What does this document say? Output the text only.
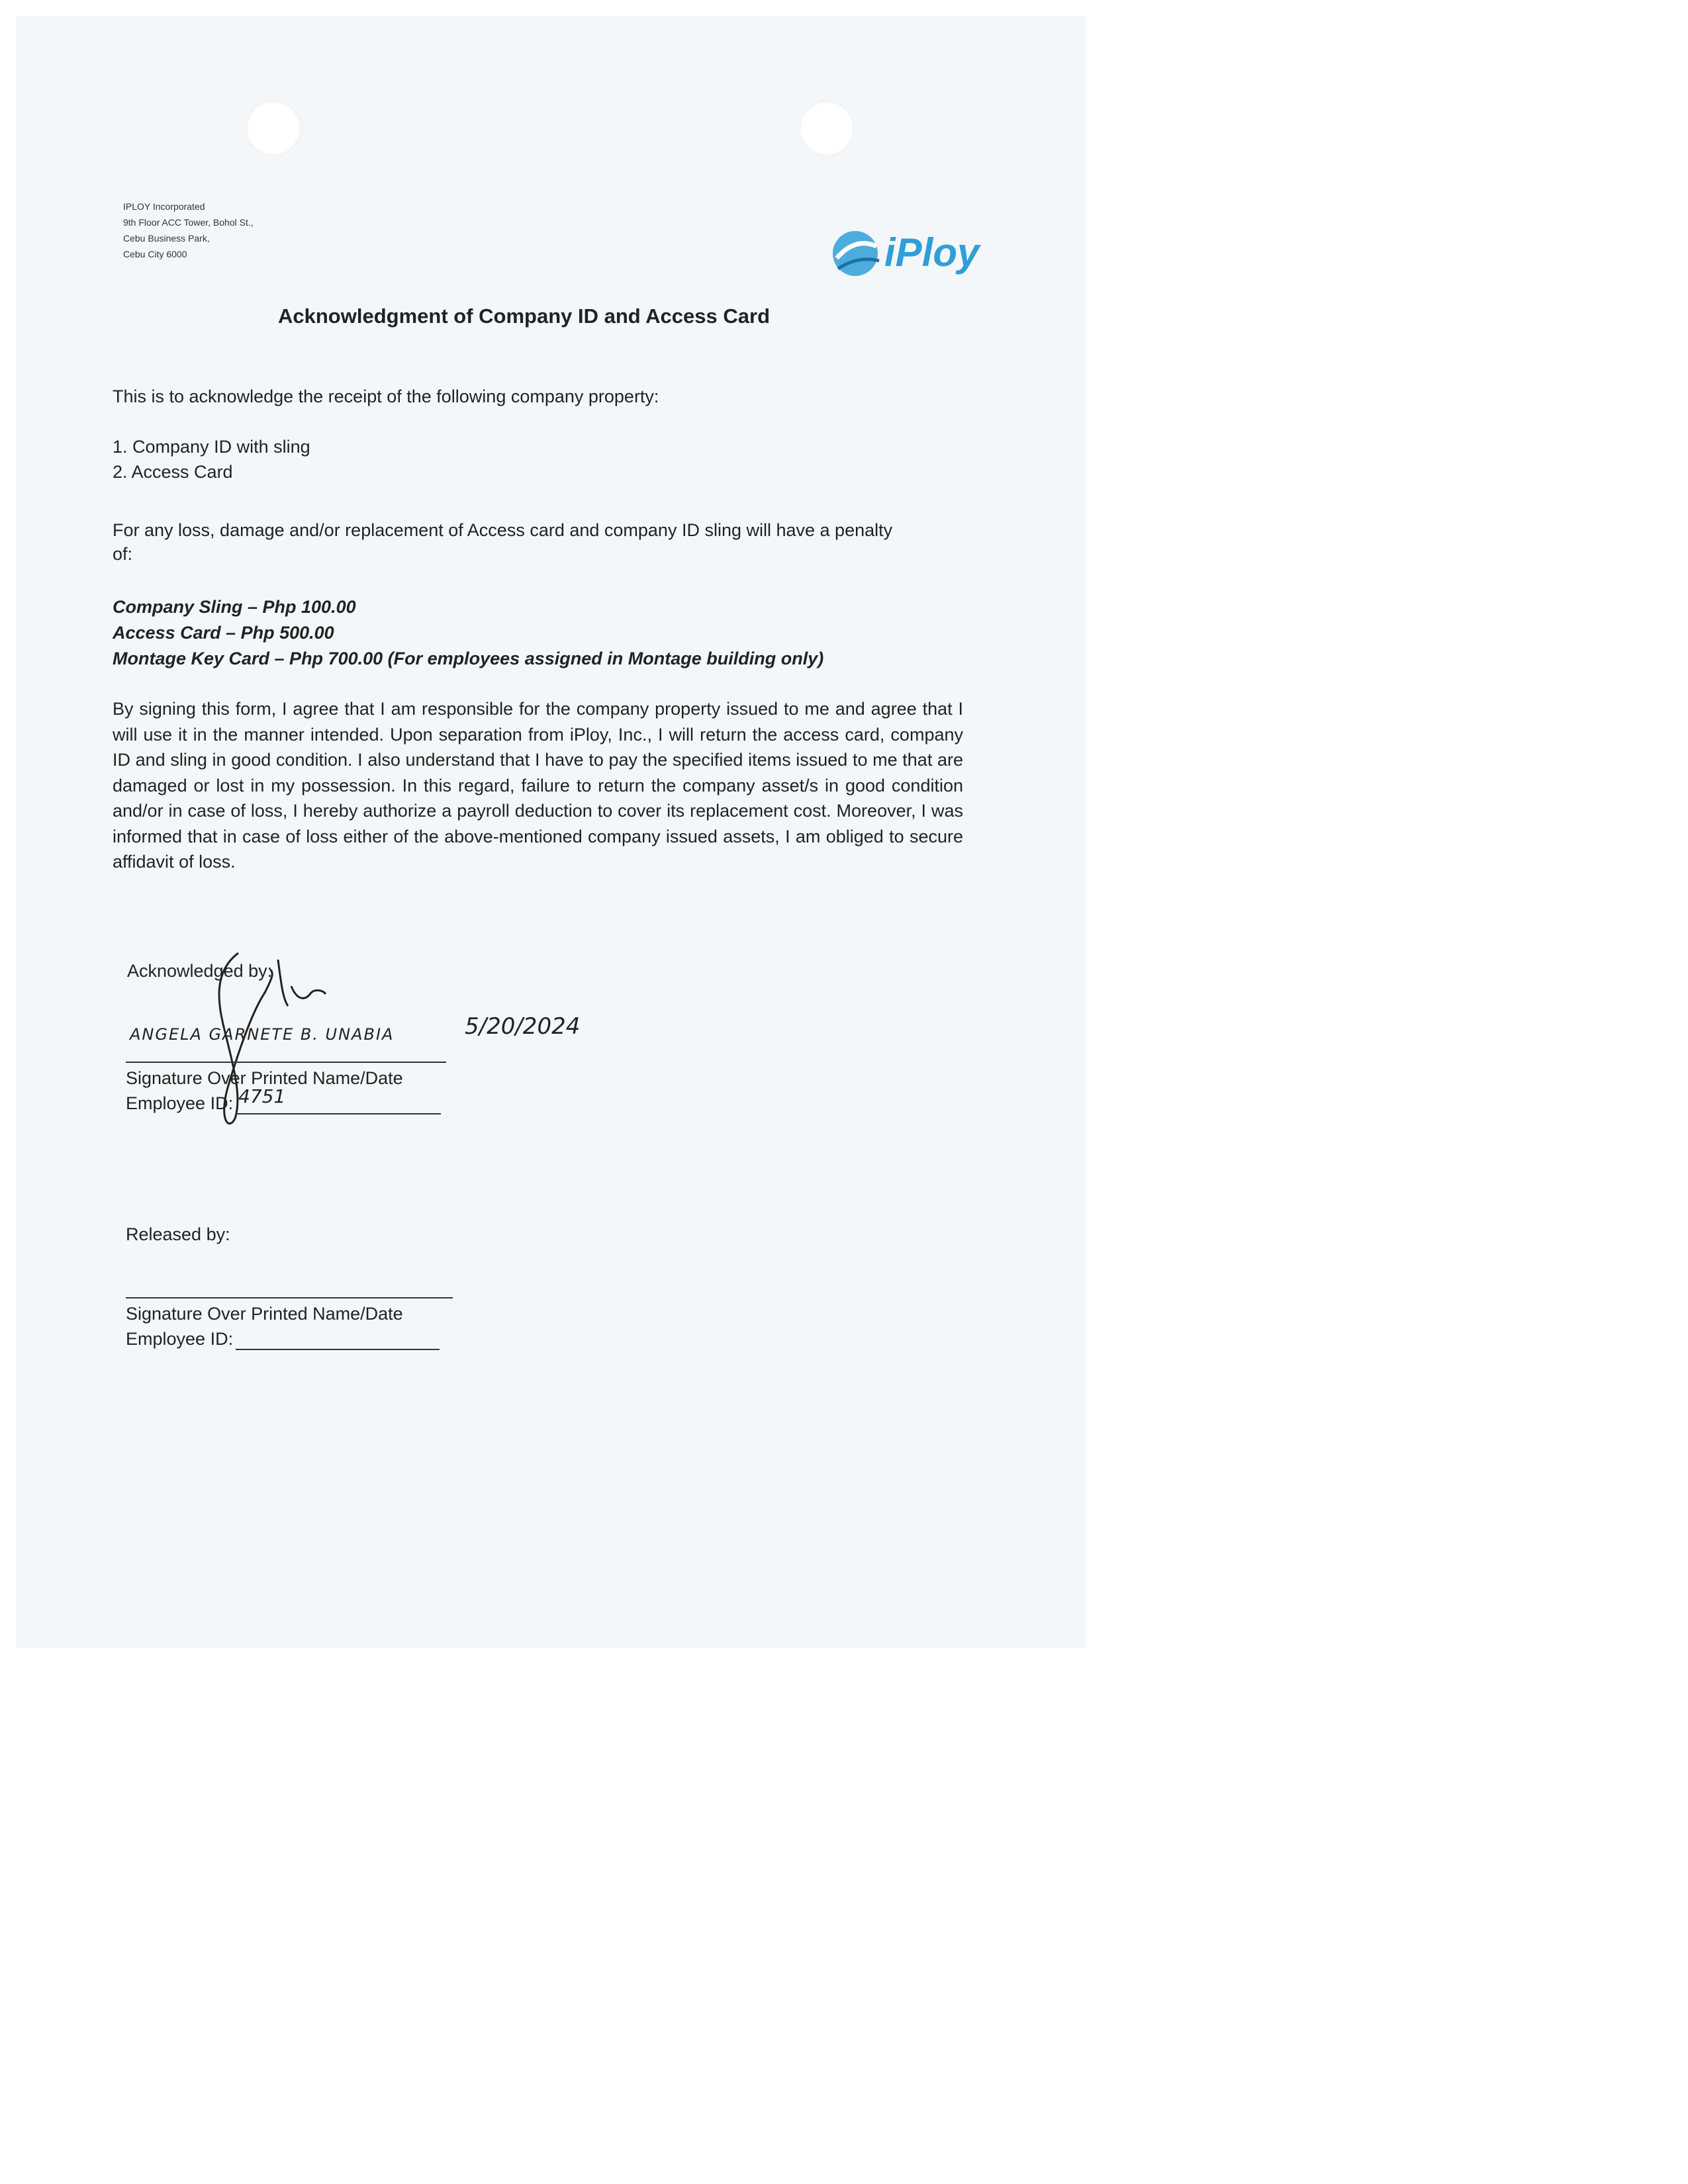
IPLOY Incorporated
9th Floor ACC Tower, Bohol St.,
Cebu Business Park,
Cebu City 6000	iPloy
Acknowledgment of Company ID and Access Card
This is to acknowledge the receipt of the following company property:
1. Company ID with sling
2. Access Card
For any loss, damage and/or replacement of Access card and company ID sling will have a penalty
of:
Company Sling – Php 100.00
Access Card – Php 500.00
Montage Key Card – Php 700.00 (For employees assigned in Montage building only)
By signing this form, I agree that I am responsible for the company property issued to me and agree that I will use it in the manner intended. Upon separation from iPloy, Inc., I will return the access card, company ID and sling in good condition. I also understand that I have to pay the specified items issued to me that are damaged or lost in my possession. In this regard, failure to return the company asset/s in good condition and/or in case of loss, I hereby authorize a payroll deduction to cover its replacement cost. Moreover, I was informed that in case of loss either of the above-mentioned company issued assets, I am obliged to secure affidavit of loss.
Acknowledged by:
ANGELA GARNETE B. UNABIA	5/20/2024
Signature Over Printed Name/Date
Employee ID: 4751
Released by:
Signature Over Printed Name/Date
Employee ID:
